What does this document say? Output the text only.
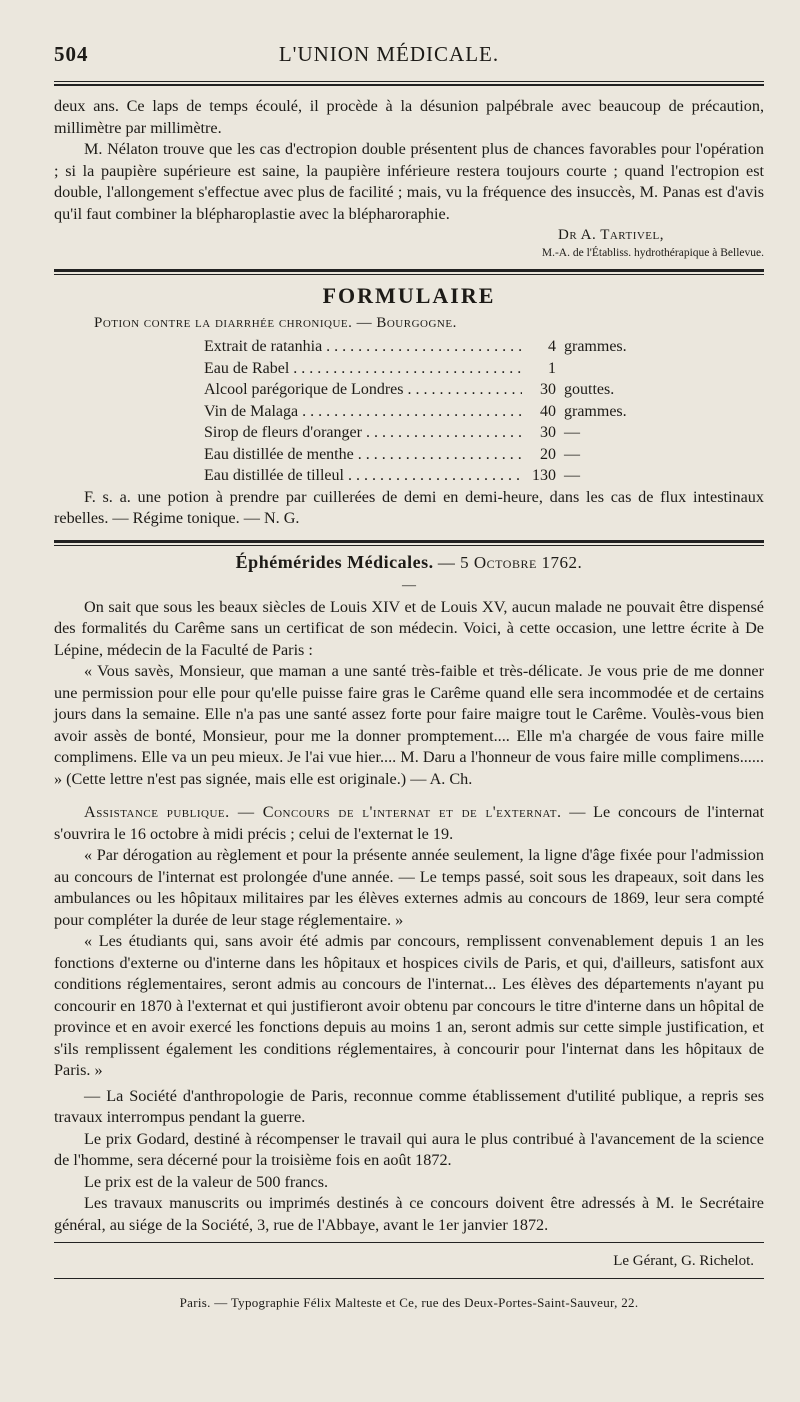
504	L'UNION MÉDICALE.

deux ans. Ce laps de temps écoulé, il procède à la désunion palpébrale avec beaucoup de précaution, millimètre par millimètre.

M. Nélaton trouve que les cas d'ectropion double présentent plus de chances favorables pour l'opération ; si la paupière supérieure est saine, la paupière inférieure restera toujours courte ; quand l'ectropion est double, l'allongement s'effectue avec plus de facilité ; mais, vu la fréquence des insuccès, M. Panas est d'avis qu'il faut combiner la blépharoplastie avec la blépharoraphie.

Dr A. Tartivel,
M.-A. de l'Établiss. hydrothérapique à Bellevue.
FORMULAIRE
Potion contre la diarrhée chronique. — Bourgogne.
Extrait de ratanhia . . .	4 grammes.
Eau de Rabel . . .	1
Alcool parégorique de Londres . . .	30 gouttes.
Vin de Malaga . . .	40 grammes.
Sirop de fleurs d'oranger . . .	30 —
Eau distillée de menthe . . .	20 —
Eau distillée de tilleul . . .	130 —

F. s. a. une potion à prendre par cuillerées de demi en demi-heure, dans les cas de flux intestinaux rebelles. — Régime tonique. — N. G.

Éphémérides Médicales. — 5 Octobre 1762.
—

On sait que sous les beaux siècles de Louis XIV et de Louis XV, aucun malade ne pouvait être dispensé des formalités du Carême sans un certificat de son médecin. Voici, à cette occasion, une lettre écrite à De Lépine, médecin de la Faculté de Paris :

« Vous savès, Monsieur, que maman a une santé très-faible et très-délicate. Je vous prie de me donner une permission pour elle pour qu'elle puisse faire gras le Carême quand elle sera incommodée et de certains jours dans la semaine. Elle n'a pas une santé assez forte pour faire maigre tout le Carême. Voulès-vous bien avoir assès de bonté, Monsieur, pour me la donner promptement.... Elle m'a chargée de vous faire mille complimens. Elle va un peu mieux. Je l'ai vue hier.... M. Daru a l'honneur de vous faire mille complimens...... » (Cette lettre n'est pas signée, mais elle est originale.) — A. Ch.

Assistance publique. — Concours de l'internat et de l'externat. — Le concours de l'internat s'ouvrira le 16 octobre à midi précis ; celui de l'externat le 19.

« Par dérogation au règlement et pour la présente année seulement, la ligne d'âge fixée pour l'admission au concours de l'internat est prolongée d'une année. — Le temps passé, soit sous les drapeaux, soit dans les ambulances ou les hôpitaux militaires par les élèves externes admis au concours de 1869, leur sera compté pour compléter la durée de leur stage réglementaire. »

« Les étudiants qui, sans avoir été admis par concours, remplissent convenablement depuis 1 an les fonctions d'externe ou d'interne dans les hôpitaux et hospices civils de Paris, et qui, d'ailleurs, satisfont aux conditions réglementaires, seront admis au concours de l'internat... Les élèves des départements n'ayant pu concourir en 1870 à l'externat et qui justifieront avoir obtenu par concours le titre d'interne dans un hôpital de province et en avoir exercé les fonctions depuis au moins 1 an, seront admis sur cette simple justification, et s'ils remplissent également les conditions réglementaires, à concourir pour l'internat dans les hôpitaux de Paris. »

— La Société d'anthropologie de Paris, reconnue comme établissement d'utilité publique, a repris ses travaux interrompus pendant la guerre.

Le prix Godard, destiné à récompenser le travail qui aura le plus contribué à l'avancement de la science de l'homme, sera décerné pour la troisième fois en août 1872.

Le prix est de la valeur de 500 francs.

Les travaux manuscrits ou imprimés destinés à ce concours doivent être adressés à M. le Secrétaire général, au siége de la Société, 3, rue de l'Abbaye, avant le 1er janvier 1872.

Le Gérant, G. Richelot.
Paris. — Typographie Félix Malteste et Ce, rue des Deux-Portes-Saint-Sauveur, 22.
